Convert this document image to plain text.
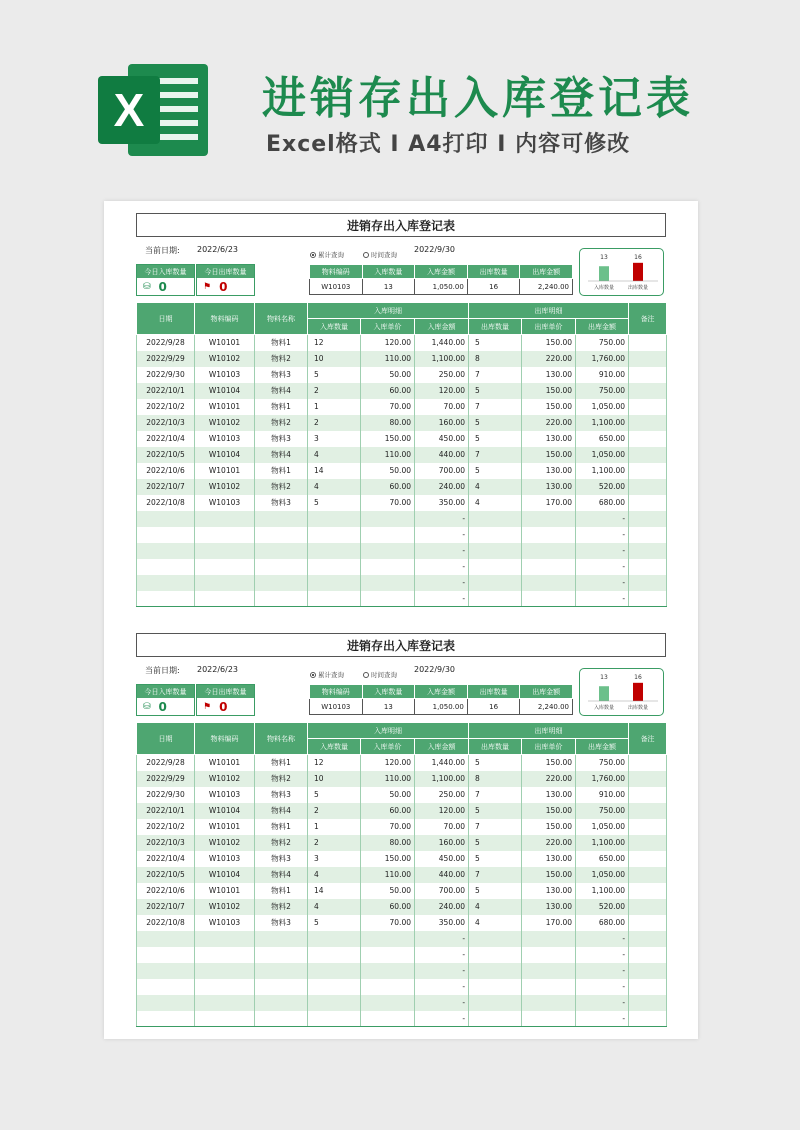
X	进销存出入库登记表
Excel格式 I A4打印 I 内容可修改
进销存出入库登记表
当前日期: 2022/6/23
累计查询	时间查询
2022/9/30
今日入库数量
⛁ 0
今日出库数量
⚑ 0
物料编码	入库数量	入库金额	出库数量	出库金额
W10103	13	1,050.00	16	2,240.00
13	16
入库数量	出库数量
日期	物料编码	物料名称	入库明细			出库明细			备注
			入库数量	入库单价	入库金额	出库数量	出库单价	出库金额	
2022/9/28	W10101	物料1	12	120.00	1,440.00	5	150.00	750.00	
2022/9/29	W10102	物料2	10	110.00	1,100.00	8	220.00	1,760.00	
2022/9/30	W10103	物料3	5	50.00	250.00	7	130.00	910.00	
2022/10/1	W10104	物料4	2	60.00	120.00	5	150.00	750.00	
2022/10/2	W10101	物料1	1	70.00	70.00	7	150.00	1,050.00	
2022/10/3	W10102	物料2	2	80.00	160.00	5	220.00	1,100.00	
2022/10/4	W10103	物料3	3	150.00	450.00	5	130.00	650.00	
2022/10/5	W10104	物料4	4	110.00	440.00	7	150.00	1,050.00	
2022/10/6	W10101	物料1	14	50.00	700.00	5	130.00	1,100.00	
2022/10/7	W10102	物料2	4	60.00	240.00	4	130.00	520.00	
2022/10/8	W10103	物料3	5	70.00	350.00	4	170.00	680.00	
					-			-	
					-			-	
					-			-	
					-			-	
					-			-	
					-			-	
进销存出入库登记表
当前日期: 2022/6/23
累计查询	时间查询
2022/9/30
今日入库数量
⛁ 0
今日出库数量
⚑ 0
物料编码	入库数量	入库金额	出库数量	出库金额
W10103	13	1,050.00	16	2,240.00
13	16
入库数量	出库数量
日期	物料编码	物料名称	入库明细			出库明细			备注
			入库数量	入库单价	入库金额	出库数量	出库单价	出库金额	
2022/9/28	W10101	物料1	12	120.00	1,440.00	5	150.00	750.00	
2022/9/29	W10102	物料2	10	110.00	1,100.00	8	220.00	1,760.00	
2022/9/30	W10103	物料3	5	50.00	250.00	7	130.00	910.00	
2022/10/1	W10104	物料4	2	60.00	120.00	5	150.00	750.00	
2022/10/2	W10101	物料1	1	70.00	70.00	7	150.00	1,050.00	
2022/10/3	W10102	物料2	2	80.00	160.00	5	220.00	1,100.00	
2022/10/4	W10103	物料3	3	150.00	450.00	5	130.00	650.00	
2022/10/5	W10104	物料4	4	110.00	440.00	7	150.00	1,050.00	
2022/10/6	W10101	物料1	14	50.00	700.00	5	130.00	1,100.00	
2022/10/7	W10102	物料2	4	60.00	240.00	4	130.00	520.00	
2022/10/8	W10103	物料3	5	70.00	350.00	4	170.00	680.00	
					-			-	
					-			-	
					-			-	
					-			-	
					-			-	
					-			-	
